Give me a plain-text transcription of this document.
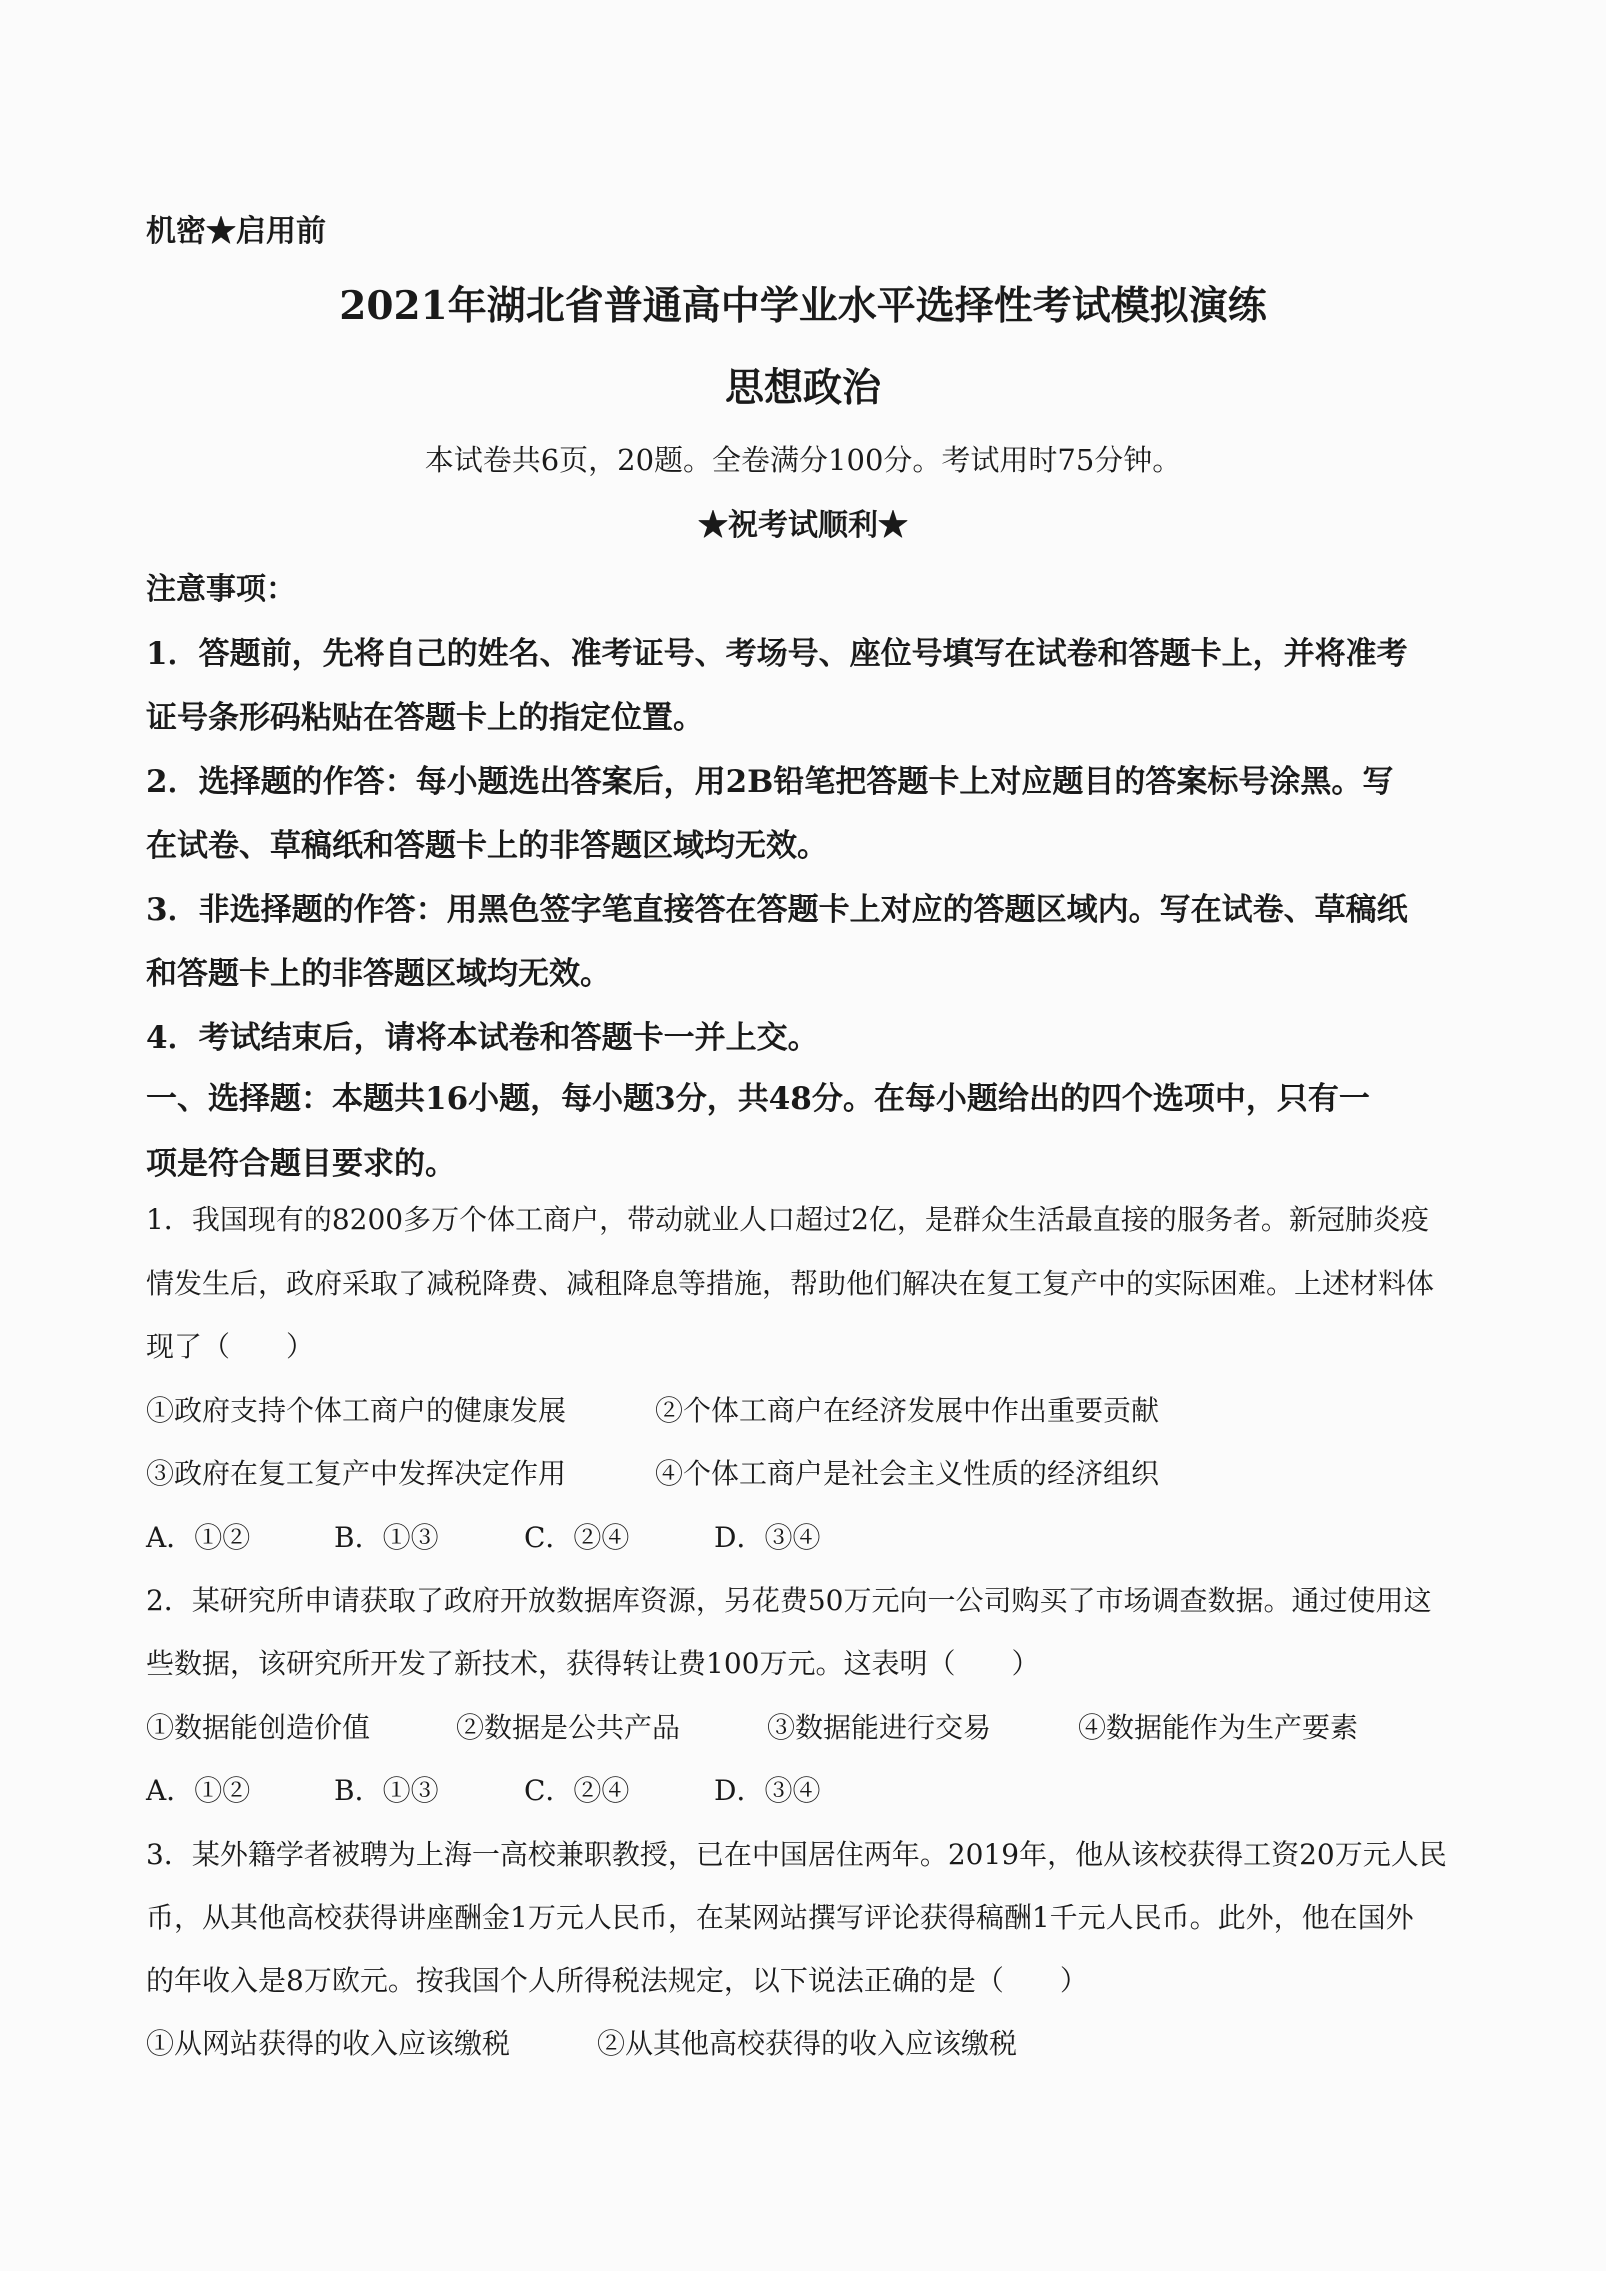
机密★启用前

2021年湖北省普通高中学业水平选择性考试模拟演练
思想政治

本试卷共6页，20题。全卷满分100分。考试用时75分钟。

★祝考试顺利★

注意事项：

1．答题前，先将自己的姓名、准考证号、考场号、座位号填写在试卷和答题卡上，并将准考

证号条形码粘贴在答题卡上的指定位置。

2．选择题的作答：每小题选出答案后，用2B铅笔把答题卡上对应题目的答案标号涂黑。写

在试卷、草稿纸和答题卡上的非答题区域均无效。

3．非选择题的作答：用黑色签字笔直接答在答题卡上对应的答题区域内。写在试卷、草稿纸

和答题卡上的非答题区域均无效。

4．考试结束后，请将本试卷和答题卡一并上交。

一、选择题：本题共16小题，每小题3分，共48分。在每小题给出的四个选项中，只有一

项是符合题目要求的。

1．我国现有的8200多万个体工商户，带动就业人口超过2亿，是群众生活最直接的服务者。新冠肺炎疫

情发生后，政府采取了减税降费、减租降息等措施，帮助他们解决在复工复产中的实际困难。上述材料体

现了（　　）

①政府支持个体工商户的健康发展	②个体工商户在经济发展中作出重要贡献

③政府在复工复产中发挥决定作用	④个体工商户是社会主义性质的经济组织

A．①②	B．①③	C．②④	D．③④

2．某研究所申请获取了政府开放数据库资源，另花费50万元向一公司购买了市场调查数据。通过使用这

些数据，该研究所开发了新技术，获得转让费100万元。这表明（　　）

①数据能创造价值	②数据是公共产品	③数据能进行交易	④数据能作为生产要素

A．①②	B．①③	C．②④	D．③④

3．某外籍学者被聘为上海一高校兼职教授，已在中国居住两年。2019年，他从该校获得工资20万元人民

币，从其他高校获得讲座酬金1万元人民币，在某网站撰写评论获得稿酬1千元人民币。此外，他在国外

的年收入是8万欧元。按我国个人所得税法规定，以下说法正确的是（　　）

①从网站获得的收入应该缴税	②从其他高校获得的收入应该缴税
